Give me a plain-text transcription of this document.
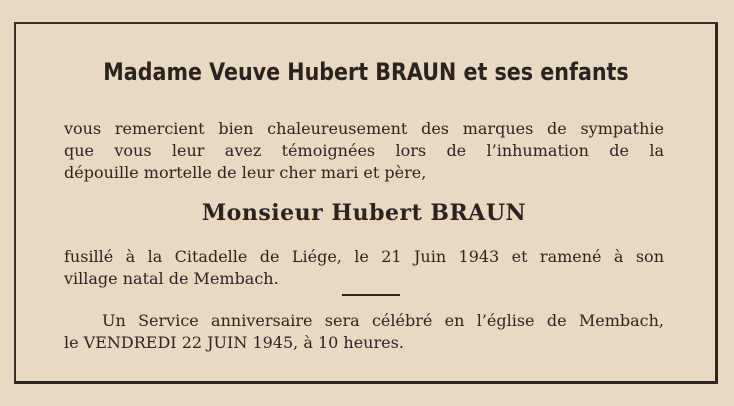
Madame Veuve Hubert BRAUN et ses enfants
vous remercient bien chaleureusement des marques de sympathie
que vous leur avez témoignées lors de l’inhumation de la
dépouille mortelle de leur cher mari et père,
Monsieur Hubert BRAUN
fusillé à la Citadelle de Liége, le 21 Juin 1943 et ramené à son
village natal de Membach.
Un Service anniversaire sera célébré en l’église de Membach,
le VENDREDI 22 JUIN 1945, à 10 heures.
